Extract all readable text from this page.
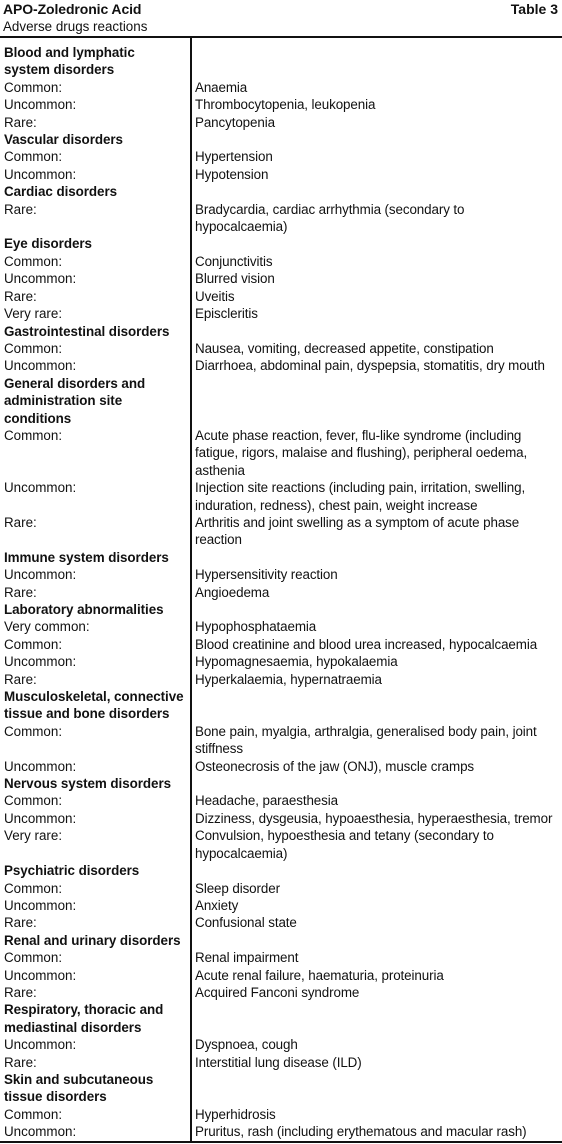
APO-Zoledronic Acid	Table 3
Adverse drugs reactions
Blood and lymphatic
system disorders
Common:	Anaemia
Uncommon:	Thrombocytopenia, leukopenia
Rare:	Pancytopenia
Vascular disorders
Common:	Hypertension
Uncommon:	Hypotension
Cardiac disorders
Rare:	Bradycardia, cardiac arrhythmia (secondary to hypocalcaemia)
Eye disorders
Common:	Conjunctivitis
Uncommon:	Blurred vision
Rare:	Uveitis
Very rare:	Episcleritis
Gastrointestinal disorders
Common:	Nausea, vomiting, decreased appetite, constipation
Uncommon:	Diarrhoea, abdominal pain, dyspepsia, stomatitis, dry mouth
General disorders and
administration site
conditions
Common:	Acute phase reaction, fever, flu-like syndrome (including fatigue, rigors, malaise and flushing), peripheral oedema, asthenia
Uncommon:	Injection site reactions (including pain, irritation, swelling, induration, redness), chest pain, weight increase
Rare:	Arthritis and joint swelling as a symptom of acute phase reaction
Immune system disorders
Uncommon:	Hypersensitivity reaction
Rare:	Angioedema
Laboratory abnormalities
Very common:	Hypophosphataemia
Common:	Blood creatinine and blood urea increased, hypocalcaemia
Uncommon:	Hypomagnesaemia, hypokalaemia
Rare:	Hyperkalaemia, hypernatraemia
Musculoskeletal, connective
tissue and bone disorders
Common:	Bone pain, myalgia, arthralgia, generalised body pain, joint stiffness
Uncommon:	Osteonecrosis of the jaw (ONJ), muscle cramps
Nervous system disorders
Common:	Headache, paraesthesia
Uncommon:	Dizziness, dysgeusia, hypoaesthesia, hyperaesthesia, tremor
Very rare:	Convulsion, hypoesthesia and tetany (secondary to hypocalcaemia)
Psychiatric disorders
Common:	Sleep disorder
Uncommon:	Anxiety
Rare:	Confusional state
Renal and urinary disorders
Common:	Renal impairment
Uncommon:	Acute renal failure, haematuria, proteinuria
Rare:	Acquired Fanconi syndrome
Respiratory, thoracic and
mediastinal disorders
Uncommon:	Dyspnoea, cough
Rare:	Interstitial lung disease (ILD)
Skin and subcutaneous
tissue disorders
Common:	Hyperhidrosis
Uncommon:	Pruritus, rash (including erythematous and macular rash)
